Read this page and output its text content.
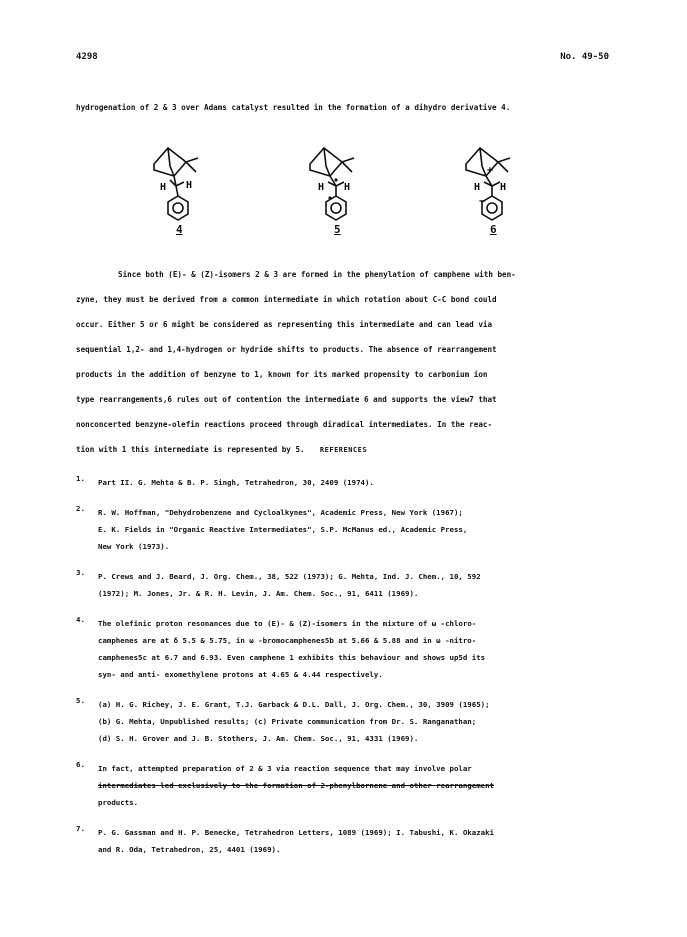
4298	No. 49-50
hydrogenation of 2 & 3 over Adams catalyst resulted in the formation of a dihydro derivative 4.
H H
4
H H
5
+
−
H H
6

Since both (E)- & (Z)-isomers 2 & 3 are formed in the phenylation of camphene with ben-

zyne, they must be derived from a common intermediate in which rotation about C-C bond could

occur. Either 5 or 6 might be considered as representing this intermediate and can lead via

sequential 1,2- and 1,4-hydrogen or hydride shifts to products. The absence of rearrangement

products in the addition of benzyne to 1, known for its marked propensity to carbonium ion

type rearrangements,6 rules out of contention the intermediate 6 and supports the view7 that

nonconcerted benzyne-olefin reactions proceed through diradical intermediates. In the reac-

tion with 1 this intermediate is represented by 5.	REFERENCES
1. Part II. G. Mehta & B. P. Singh, Tetrahedron, 30, 2409 (1974).
2. R. W. Hoffman, "Dehydrobenzene and Cycloalkynes", Academic Press, New York (1967);
E. K. Fields in "Organic Reactive Intermediates", S.P. McManus ed., Academic Press,
New York (1973).
3. P. Crews and J. Beard, J. Org. Chem., 38, 522 (1973); G. Mehta, Ind. J. Chem., 10, 592
(1972); M. Jones, Jr. & R. H. Levin, J. Am. Chem. Soc., 91, 6411 (1969).
4. The olefinic proton resonances due to (E)- & (Z)-isomers in the mixture of ω -chloro-
camphenes are at δ 5.5 & 5.75, in ω -bromocamphenes5b at 5.66 & 5.88 and in ω -nitro-
camphenes5c at 6.7 and 6.93. Even camphene 1 exhibits this behaviour and shows up5d its
syn- and anti- exomethylene protons at 4.65 & 4.44 respectively.
5. (a) H. G. Richey, J. E. Grant, T.J. Garback & D.L. Dall, J. Org. Chem., 30, 3909 (1965);
(b) G. Mehta, Unpublished results; (c) Private communication from Dr. S. Ranganathan;
(d) S. H. Grover and J. B. Stothers, J. Am. Chem. Soc., 91, 4331 (1969).
6. In fact, attempted preparation of 2 & 3 via reaction sequence that may involve polar
intermediates led exclusively to the formation of 2-phenylbornene and other rearrangement
products.
7. P. G. Gassman and H. P. Benecke, Tetrahedron Letters, 1089 (1969); I. Tabushi, K. Okazaki
and R. Oda, Tetrahedron, 25, 4401 (1969).
